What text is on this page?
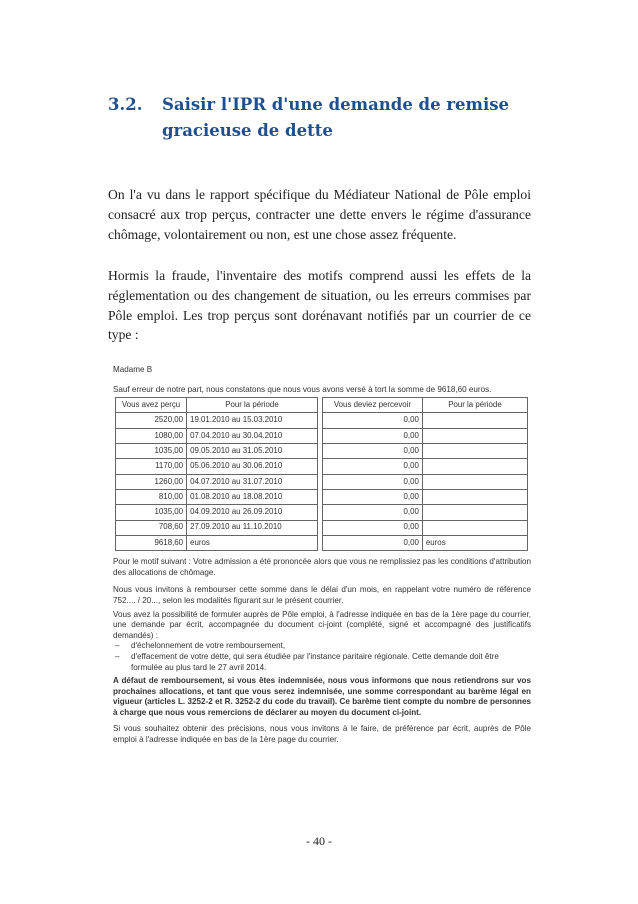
3.2. Saisir l'IPR d'une demande de remise gracieuse de dette
On l'a vu dans le rapport spécifique du Médiateur National de Pôle emploi consacré aux trop perçus, contracter une dette envers le régime d'assurance chômage, volontairement ou non, est une chose assez fréquente.
Hormis la fraude, l'inventaire des motifs comprend aussi les effets de la réglementation ou des changement de situation, ou les erreurs commises par Pôle emploi. Les trop perçus sont dorénavant notifiés par un courrier de ce type :
Madame B
Sauf erreur de notre part, nous constatons que nous vous avons versé à tort la somme de 9618,60 euros.
Vous avez perçu	Pour la période		Vous deviez percevoir	Pour la période
2520,00	19.01.2010 au 15.03.2010		0,00	
1080,00	07.04.2010 au 30.04.2010		0,00	
1035,00	09.05.2010 au 31.05.2010		0,00	
1170,00	05.06.2010 au 30.06.2010		0,00	
1260,00	04.07.2010 au 31.07.2010		0,00	
810,00	01.08.2010 au 18.08.2010		0,00	
1035,00	04.09.2010 au 26.09.2010		0,00	
708,60	27.09.2010 au 11.10.2010		0,00	
9618,60	euros		0,00	euros

Pour le motif suivant : Votre admission a été prononcée alors que vous ne remplissiez pas les conditions d'attribution des allocations de chômage.

Nous vous invitons à rembourser cette somme dans le délai d'un mois, en rappelant votre numéro de référence 752.... / 20..., selon les modalités figurant sur le présent courrier.

Vous avez la possibilité de formuler auprès de Pôle emploi, à l'adresse indiquée en bas de la 1ère page du courrier, une demande par écrit, accompagnée du document ci-joint (complété, signé et accompagné des justificatifs demandés) :

– d'échelonnement de votre remboursement,
– d'effacement de votre dette, qui sera étudiée par l'instance paritaire régionale. Cette demande doit être formulée au plus tard le 27 avril 2014.

A défaut de remboursement, si vous êtes indemnisée, nous vous informons que nous retiendrons sur vos prochaines allocations, et tant que vous serez indemnisée, une somme correspondant au barème légal en vigueur (articles L. 3252-2 et R. 3252-2 du code du travail). Ce barème tient compte du nombre de personnes à charge que nous vous remercions de déclarer au moyen du document ci-joint.

Si vous souhaitez obtenir des précisions, nous vous invitons à le faire, de préférence par écrit, auprès de Pôle emploi à l'adresse indiquée en bas de la 1ère page du courrier.

- 40 -
